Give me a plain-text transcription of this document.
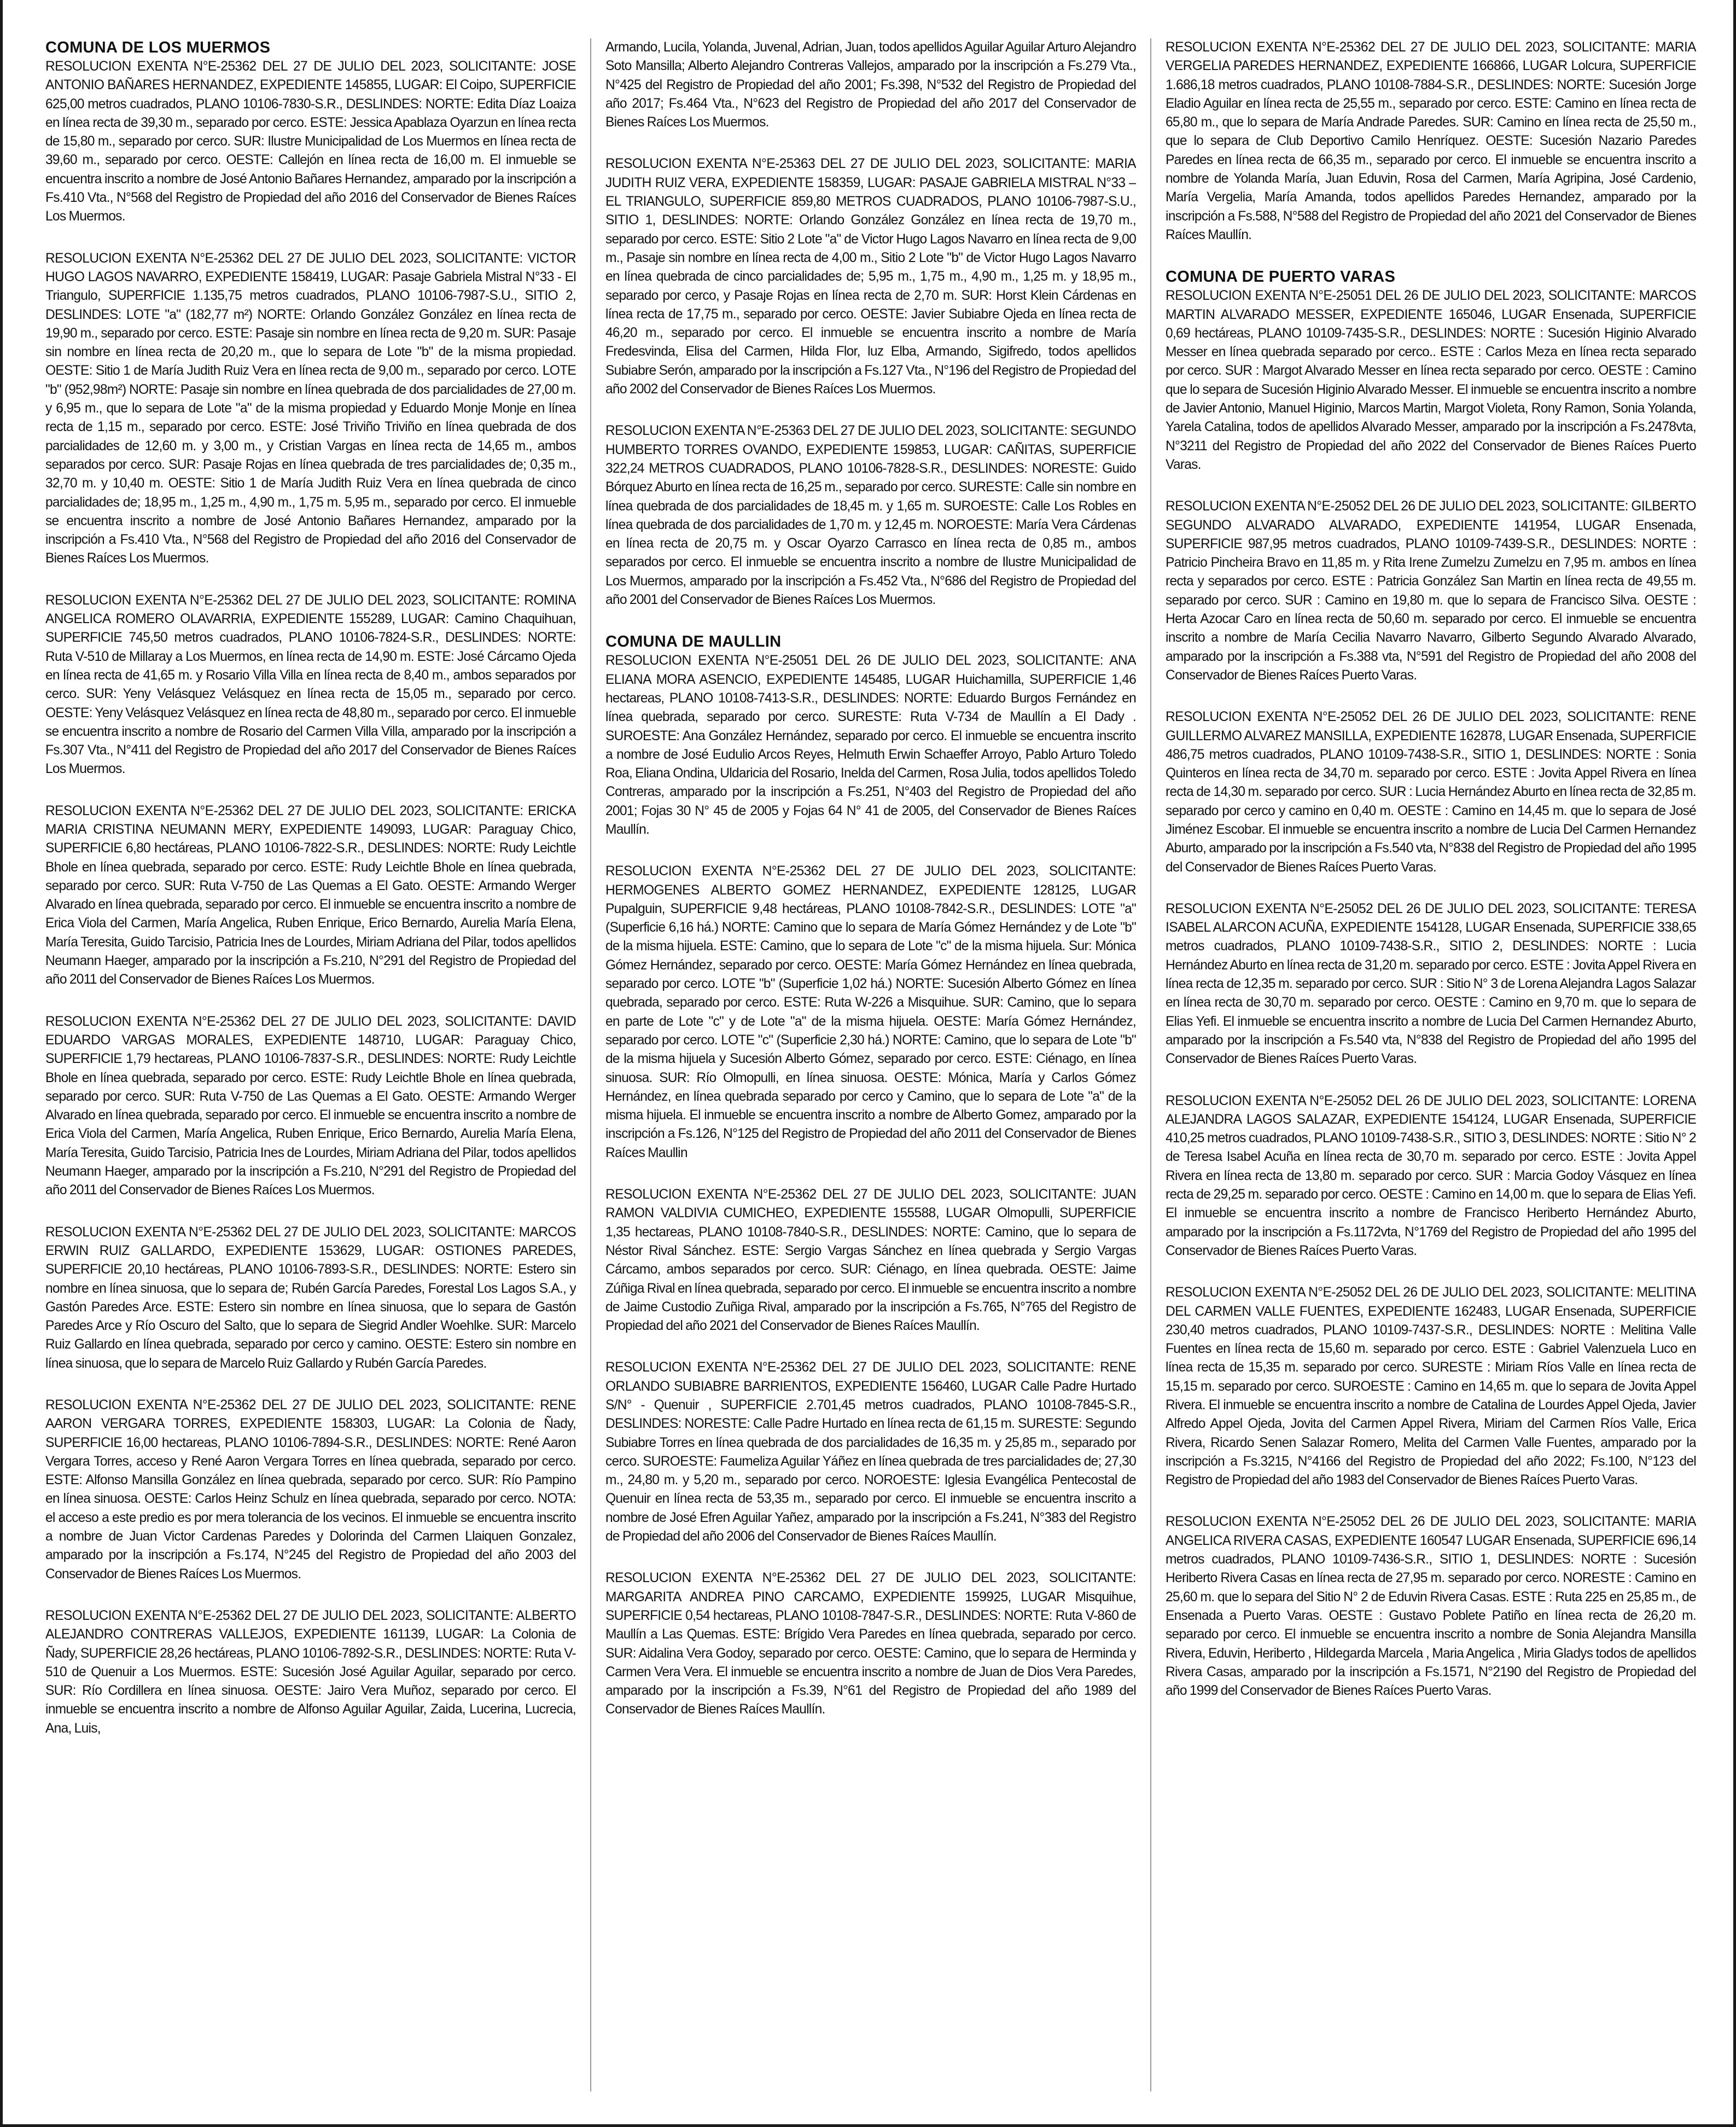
COMUNA DE LOS MUERMOS

RESOLUCION EXENTA N°E-25362 DEL 27 DE JULIO DEL 2023, SOLICITANTE: JOSE ANTONIO BAÑARES HERNANDEZ, EXPEDIENTE 145855, LUGAR: El Coipo, SUPERFICIE 625,00 metros cuadrados, PLANO 10106-7830-S.R., DESLINDES: NORTE: Edita Díaz Loaiza en línea recta de 39,30 m., separado por cerco. ESTE: Jessica Apablaza Oyarzun en línea recta de 15,80 m., separado por cerco. SUR: Ilustre Municipalidad de Los Muermos en línea recta de 39,60 m., separado por cerco. OESTE: Callejón en línea recta de 16,00 m. El inmueble se encuentra inscrito a nombre de José Antonio Bañares Hernandez, amparado por la inscripción a Fs.410 Vta., N°568 del Registro de Propiedad del año 2016 del Conservador de Bienes Raíces Los Muermos.

RESOLUCION EXENTA N°E-25362 DEL 27 DE JULIO DEL 2023, SOLICITANTE: VICTOR HUGO LAGOS NAVARRO, EXPEDIENTE 158419, LUGAR: Pasaje Gabriela Mistral N°33 - El Triangulo, SUPERFICIE 1.135,75 metros cuadrados, PLANO 10106-7987-S.U., SITIO 2, DESLINDES: LOTE "a" (182,77 m²) NORTE: Orlando González González en línea recta de 19,90 m., separado por cerco. ESTE: Pasaje sin nombre en línea recta de 9,20 m. SUR: Pasaje sin nombre en línea recta de 20,20 m., que lo separa de Lote "b" de la misma propiedad. OESTE: Sitio 1 de María Judith Ruiz Vera en línea recta de 9,00 m., separado por cerco. LOTE "b" (952,98m²) NORTE: Pasaje sin nombre en línea quebrada de dos parcialidades de 27,00 m. y 6,95 m., que lo separa de Lote "a" de la misma propiedad y Eduardo Monje Monje en línea recta de 1,15 m., separado por cerco. ESTE: José Triviño Triviño en línea quebrada de dos parcialidades de 12,60 m. y 3,00 m., y Cristian Vargas en línea recta de 14,65 m., ambos separados por cerco. SUR: Pasaje Rojas en línea quebrada de tres parcialidades de; 0,35 m., 32,70 m. y 10,40 m. OESTE: Sitio 1 de María Judith Ruiz Vera en línea quebrada de cinco parcialidades de; 18,95 m., 1,25 m., 4,90 m., 1,75 m. 5,95 m., separado por cerco. El inmueble se encuentra inscrito a nombre de José Antonio Bañares Hernandez, amparado por la inscripción a Fs.410 Vta., N°568 del Registro de Propiedad del año 2016 del Conservador de Bienes Raíces Los Muermos.

RESOLUCION EXENTA N°E-25362 DEL 27 DE JULIO DEL 2023, SOLICITANTE: ROMINA ANGELICA ROMERO OLAVARRIA, EXPEDIENTE 155289, LUGAR: Camino Chaquihuan, SUPERFICIE 745,50 metros cuadrados, PLANO 10106-7824-S.R., DESLINDES: NORTE: Ruta V-510 de Millaray a Los Muermos, en línea recta de 14,90 m. ESTE: José Cárcamo Ojeda en línea recta de 41,65 m. y Rosario Villa Villa en línea recta de 8,40 m., ambos separados por cerco. SUR: Yeny Velásquez Velásquez en línea recta de 15,05 m., separado por cerco. OESTE: Yeny Velásquez Velásquez en línea recta de 48,80 m., separado por cerco. El inmueble se encuentra inscrito a nombre de Rosario del Carmen Villa Villa, amparado por la inscripción a Fs.307 Vta., N°411 del Registro de Propiedad del año 2017 del Conservador de Bienes Raíces Los Muermos.

RESOLUCION EXENTA N°E-25362 DEL 27 DE JULIO DEL 2023, SOLICITANTE: ERICKA MARIA CRISTINA NEUMANN MERY, EXPEDIENTE 149093, LUGAR: Paraguay Chico, SUPERFICIE 6,80 hectáreas, PLANO 10106-7822-S.R., DESLINDES: NORTE: Rudy Leichtle Bhole en línea quebrada, separado por cerco. ESTE: Rudy Leichtle Bhole en línea quebrada, separado por cerco. SUR: Ruta V-750 de Las Quemas a El Gato. OESTE: Armando Werger Alvarado en línea quebrada, separado por cerco. El inmueble se encuentra inscrito a nombre de Erica Viola del Carmen, María Angelica, Ruben Enrique, Erico Bernardo, Aurelia María Elena, María Teresita, Guido Tarcisio, Patricia Ines de Lourdes, Miriam Adriana del Pilar, todos apellidos Neumann Haeger, amparado por la inscripción a Fs.210, N°291 del Registro de Propiedad del año 2011 del Conservador de Bienes Raíces Los Muermos.

RESOLUCION EXENTA N°E-25362 DEL 27 DE JULIO DEL 2023, SOLICITANTE: DAVID EDUARDO VARGAS MORALES, EXPEDIENTE 148710, LUGAR: Paraguay Chico, SUPERFICIE 1,79 hectareas, PLANO 10106-7837-S.R., DESLINDES: NORTE: Rudy Leichtle Bhole en línea quebrada, separado por cerco. ESTE: Rudy Leichtle Bhole en línea quebrada, separado por cerco. SUR: Ruta V-750 de Las Quemas a El Gato. OESTE: Armando Werger Alvarado en línea quebrada, separado por cerco. El inmueble se encuentra inscrito a nombre de Erica Viola del Carmen, María Angelica, Ruben Enrique, Erico Bernardo, Aurelia María Elena, María Teresita, Guido Tarcisio, Patricia Ines de Lourdes, Miriam Adriana del Pilar, todos apellidos Neumann Haeger, amparado por la inscripción a Fs.210, N°291 del Registro de Propiedad del año 2011 del Conservador de Bienes Raíces Los Muermos.

RESOLUCION EXENTA N°E-25362 DEL 27 DE JULIO DEL 2023, SOLICITANTE: MARCOS ERWIN RUIZ GALLARDO, EXPEDIENTE 153629, LUGAR: OSTIONES PAREDES, SUPERFICIE 20,10 hectáreas, PLANO 10106-7893-S.R., DESLINDES: NORTE: Estero sin nombre en línea sinuosa, que lo separa de; Rubén García Paredes, Forestal Los Lagos S.A., y Gastón Paredes Arce. ESTE: Estero sin nombre en línea sinuosa, que lo separa de Gastón Paredes Arce y Río Oscuro del Salto, que lo separa de Siegrid Andler Woehlke. SUR: Marcelo Ruiz Gallardo en línea quebrada, separado por cerco y camino. OESTE: Estero sin nombre en línea sinuosa, que lo separa de Marcelo Ruiz Gallardo y Rubén García Paredes.

RESOLUCION EXENTA N°E-25362 DEL 27 DE JULIO DEL 2023, SOLICITANTE: RENE AARON VERGARA TORRES, EXPEDIENTE 158303, LUGAR: La Colonia de Ñady, SUPERFICIE 16,00 hectareas, PLANO 10106-7894-S.R., DESLINDES: NORTE: René Aaron Vergara Torres, acceso y René Aaron Vergara Torres en línea quebrada, separado por cerco. ESTE: Alfonso Mansilla González en línea quebrada, separado por cerco. SUR: Río Pampino en línea sinuosa. OESTE: Carlos Heinz Schulz en línea quebrada, separado por cerco. NOTA: el acceso a este predio es por mera tolerancia de los vecinos. El inmueble se encuentra inscrito a nombre de Juan Victor Cardenas Paredes y Dolorinda del Carmen Llaiquen Gonzalez, amparado por la inscripción a Fs.174, N°245 del Registro de Propiedad del año 2003 del Conservador de Bienes Raíces Los Muermos.

RESOLUCION EXENTA N°E-25362 DEL 27 DE JULIO DEL 2023, SOLICITANTE: ALBERTO ALEJANDRO CONTRERAS VALLEJOS, EXPEDIENTE 161139, LUGAR: La Colonia de Ñady, SUPERFICIE 28,26 hectáreas, PLANO 10106-7892-S.R., DESLINDES: NORTE: Ruta V-510 de Quenuir a Los Muermos. ESTE: Sucesión José Aguilar Aguilar, separado por cerco. SUR: Río Cordillera en línea sinuosa. OESTE: Jairo Vera Muñoz, separado por cerco. El inmueble se encuentra inscrito a nombre de Alfonso Aguilar Aguilar, Zaida, Lucerina, Lucrecia, Ana, Luis,

Armando, Lucila, Yolanda, Juvenal, Adrian, Juan, todos apellidos Aguilar Aguilar Arturo Alejandro Soto Mansilla; Alberto Alejandro Contreras Vallejos, amparado por la inscripción a Fs.279 Vta., N°425 del Registro de Propiedad del año 2001; Fs.398, N°532 del Registro de Propiedad del año 2017; Fs.464 Vta., N°623 del Registro de Propiedad del año 2017 del Conservador de Bienes Raíces Los Muermos.

RESOLUCION EXENTA N°E-25363 DEL 27 DE JULIO DEL 2023, SOLICITANTE: MARIA JUDITH RUIZ VERA, EXPEDIENTE 158359, LUGAR: PASAJE GABRIELA MISTRAL N°33 – EL TRIANGULO, SUPERFICIE 859,80 METROS CUADRADOS, PLANO 10106-7987-S.U., SITIO 1, DESLINDES: NORTE: Orlando González González en línea recta de 19,70 m., separado por cerco. ESTE: Sitio 2 Lote "a" de Victor Hugo Lagos Navarro en línea recta de 9,00 m., Pasaje sin nombre en línea recta de 4,00 m., Sitio 2 Lote "b" de Victor Hugo Lagos Navarro en línea quebrada de cinco parcialidades de; 5,95 m., 1,75 m., 4,90 m., 1,25 m. y 18,95 m., separado por cerco, y Pasaje Rojas en línea recta de 2,70 m. SUR: Horst Klein Cárdenas en línea recta de 17,75 m., separado por cerco. OESTE: Javier Subiabre Ojeda en línea recta de 46,20 m., separado por cerco. El inmueble se encuentra inscrito a nombre de María Fredesvinda, Elisa del Carmen, Hilda Flor, luz Elba, Armando, Sigifredo, todos apellidos Subiabre Serón, amparado por la inscripción a Fs.127 Vta., N°196 del Registro de Propiedad del año 2002 del Conservador de Bienes Raíces Los Muermos.

RESOLUCION EXENTA N°E-25363 DEL 27 DE JULIO DEL 2023, SOLICITANTE: SEGUNDO HUMBERTO TORRES OVANDO, EXPEDIENTE 159853, LUGAR: CAÑITAS, SUPERFICIE 322,24 METROS CUADRADOS, PLANO 10106-7828-S.R., DESLINDES: NORESTE: Guido Bórquez Aburto en línea recta de 16,25 m., separado por cerco. SURESTE: Calle sin nombre en línea quebrada de dos parcialidades de 18,45 m. y 1,65 m. SUROESTE: Calle Los Robles en línea quebrada de dos parcialidades de 1,70 m. y 12,45 m. NOROESTE: María Vera Cárdenas en línea recta de 20,75 m. y Oscar Oyarzo Carrasco en línea recta de 0,85 m., ambos separados por cerco. El inmueble se encuentra inscrito a nombre de Ilustre Municipalidad de Los Muermos, amparado por la inscripción a Fs.452 Vta., N°686 del Registro de Propiedad del año 2001 del Conservador de Bienes Raíces Los Muermos.

COMUNA DE MAULLIN

RESOLUCION EXENTA N°E-25051 DEL 26 DE JULIO DEL 2023, SOLICITANTE: ANA ELIANA MORA ASENCIO, EXPEDIENTE 145485, LUGAR Huichamilla, SUPERFICIE 1,46 hectareas, PLANO 10108-7413-S.R., DESLINDES: NORTE: Eduardo Burgos Fernández en línea quebrada, separado por cerco. SURESTE: Ruta V-734 de Maullín a El Dady . SUROESTE: Ana González Hernández, separado por cerco. El inmueble se encuentra inscrito a nombre de José Eudulio Arcos Reyes, Helmuth Erwin Schaeffer Arroyo, Pablo Arturo Toledo Roa, Eliana Ondina, Uldaricia del Rosario, Inelda del Carmen, Rosa Julia, todos apellidos Toledo Contreras, amparado por la inscripción a Fs.251, N°403 del Registro de Propiedad del año 2001; Fojas 30 N° 45 de 2005 y Fojas 64 N° 41 de 2005, del Conservador de Bienes Raíces Maullín.

RESOLUCION EXENTA N°E-25362 DEL 27 DE JULIO DEL 2023, SOLICITANTE: HERMOGENES ALBERTO GOMEZ HERNANDEZ, EXPEDIENTE 128125, LUGAR Pupalguin, SUPERFICIE 9,48 hectáreas, PLANO 10108-7842-S.R., DESLINDES: LOTE "a" (Superficie 6,16 há.) NORTE: Camino que lo separa de María Gómez Hernández y de Lote "b" de la misma hijuela. ESTE: Camino, que lo separa de Lote "c" de la misma hijuela. Sur: Mónica Gómez Hernández, separado por cerco. OESTE: María Gómez Hernández en línea quebrada, separado por cerco. LOTE "b" (Superficie 1,02 há.) NORTE: Sucesión Alberto Gómez en línea quebrada, separado por cerco. ESTE: Ruta W-226 a Misquihue. SUR: Camino, que lo separa en parte de Lote "c" y de Lote "a" de la misma hijuela. OESTE: María Gómez Hernández, separado por cerco. LOTE "c" (Superficie 2,30 há.) NORTE: Camino, que lo separa de Lote "b" de la misma hijuela y Sucesión Alberto Gómez, separado por cerco. ESTE: Ciénago, en línea sinuosa. SUR: Río Olmopulli, en línea sinuosa. OESTE: Mónica, María y Carlos Gómez Hernández, en línea quebrada separado por cerco y Camino, que lo separa de Lote "a" de la misma hijuela. El inmueble se encuentra inscrito a nombre de Alberto Gomez, amparado por la inscripción a Fs.126, N°125 del Registro de Propiedad del año 2011 del Conservador de Bienes Raíces Maullin

RESOLUCION EXENTA N°E-25362 DEL 27 DE JULIO DEL 2023, SOLICITANTE: JUAN RAMON VALDIVIA CUMICHEO, EXPEDIENTE 155588, LUGAR Olmopulli, SUPERFICIE 1,35 hectareas, PLANO 10108-7840-S.R., DESLINDES: NORTE: Camino, que lo separa de Néstor Rival Sánchez. ESTE: Sergio Vargas Sánchez en línea quebrada y Sergio Vargas Cárcamo, ambos separados por cerco. SUR: Ciénago, en línea quebrada. OESTE: Jaime Zúñiga Rival en línea quebrada, separado por cerco. El inmueble se encuentra inscrito a nombre de Jaime Custodio Zuñiga Rival, amparado por la inscripción a Fs.765, N°765 del Registro de Propiedad del año 2021 del Conservador de Bienes Raíces Maullín.

RESOLUCION EXENTA N°E-25362 DEL 27 DE JULIO DEL 2023, SOLICITANTE: RENE ORLANDO SUBIABRE BARRIENTOS, EXPEDIENTE 156460, LUGAR Calle Padre Hurtado S/N° - Quenuir , SUPERFICIE 2.701,45 metros cuadrados, PLANO 10108-7845-S.R., DESLINDES: NORESTE: Calle Padre Hurtado en línea recta de 61,15 m. SURESTE: Segundo Subiabre Torres en línea quebrada de dos parcialidades de 16,35 m. y 25,85 m., separado por cerco. SUROESTE: Faumeliza Aguilar Yáñez en línea quebrada de tres parcialidades de; 27,30 m., 24,80 m. y 5,20 m., separado por cerco. NOROESTE: Iglesia Evangélica Pentecostal de Quenuir en línea recta de 53,35 m., separado por cerco. El inmueble se encuentra inscrito a nombre de José Efren Aguilar Yañez, amparado por la inscripción a Fs.241, N°383 del Registro de Propiedad del año 2006 del Conservador de Bienes Raíces Maullín.

RESOLUCION EXENTA N°E-25362 DEL 27 DE JULIO DEL 2023, SOLICITANTE: MARGARITA ANDREA PINO CARCAMO, EXPEDIENTE 159925, LUGAR Misquihue, SUPERFICIE 0,54 hectareas, PLANO 10108-7847-S.R., DESLINDES: NORTE: Ruta V-860 de Maullín a Las Quemas. ESTE: Brígido Vera Paredes en línea quebrada, separado por cerco. SUR: Aidalina Vera Godoy, separado por cerco. OESTE: Camino, que lo separa de Herminda y Carmen Vera Vera. El inmueble se encuentra inscrito a nombre de Juan de Dios Vera Paredes, amparado por la inscripción a Fs.39, N°61 del Registro de Propiedad del año 1989 del Conservador de Bienes Raíces Maullín.

RESOLUCION EXENTA N°E-25362 DEL 27 DE JULIO DEL 2023, SOLICITANTE: MARIA VERGELIA PAREDES HERNANDEZ, EXPEDIENTE 166866, LUGAR Lolcura, SUPERFICIE 1.686,18 metros cuadrados, PLANO 10108-7884-S.R., DESLINDES: NORTE: Sucesión Jorge Eladio Aguilar en línea recta de 25,55 m., separado por cerco. ESTE: Camino en línea recta de 65,80 m., que lo separa de María Andrade Paredes. SUR: Camino en línea recta de 25,50 m., que lo separa de Club Deportivo Camilo Henríquez. OESTE: Sucesión Nazario Paredes Paredes en línea recta de 66,35 m., separado por cerco. El inmueble se encuentra inscrito a nombre de Yolanda María, Juan Eduvin, Rosa del Carmen, María Agripina, José Cardenio, María Vergelia, María Amanda, todos apellidos Paredes Hernandez, amparado por la inscripción a Fs.588, N°588 del Registro de Propiedad del año 2021 del Conservador de Bienes Raíces Maullín.

COMUNA DE PUERTO VARAS

RESOLUCION EXENTA N°E-25051 DEL 26 DE JULIO DEL 2023, SOLICITANTE: MARCOS MARTIN ALVARADO MESSER, EXPEDIENTE 165046, LUGAR Ensenada, SUPERFICIE 0,69 hectáreas, PLANO 10109-7435-S.R., DESLINDES: NORTE : Sucesión Higinio Alvarado Messer en línea quebrada separado por cerco.. ESTE : Carlos Meza en línea recta separado por cerco. SUR : Margot Alvarado Messer en línea recta separado por cerco. OESTE : Camino que lo separa de Sucesión Higinio Alvarado Messer. El inmueble se encuentra inscrito a nombre de Javier Antonio, Manuel Higinio, Marcos Martin, Margot Violeta, Rony Ramon, Sonia Yolanda, Yarela Catalina, todos de apellidos Alvarado Messer, amparado por la inscripción a Fs.2478vta, N°3211 del Registro de Propiedad del año 2022 del Conservador de Bienes Raíces Puerto Varas.

RESOLUCION EXENTA N°E-25052 DEL 26 DE JULIO DEL 2023, SOLICITANTE: GILBERTO SEGUNDO ALVARADO ALVARADO, EXPEDIENTE 141954, LUGAR Ensenada, SUPERFICIE 987,95 metros cuadrados, PLANO 10109-7439-S.R., DESLINDES: NORTE : Patricio Pincheira Bravo en 11,85 m. y Rita Irene Zumelzu Zumelzu en 7,95 m. ambos en línea recta y separados por cerco. ESTE : Patricia González San Martin en línea recta de 49,55 m. separado por cerco. SUR : Camino en 19,80 m. que lo separa de Francisco Silva. OESTE : Herta Azocar Caro en línea recta de 50,60 m. separado por cerco. El inmueble se encuentra inscrito a nombre de María Cecilia Navarro Navarro, Gilberto Segundo Alvarado Alvarado, amparado por la inscripción a Fs.388 vta, N°591 del Registro de Propiedad del año 2008 del Conservador de Bienes Raíces Puerto Varas.

RESOLUCION EXENTA N°E-25052 DEL 26 DE JULIO DEL 2023, SOLICITANTE: RENE GUILLERMO ALVAREZ MANSILLA, EXPEDIENTE 162878, LUGAR Ensenada, SUPERFICIE 486,75 metros cuadrados, PLANO 10109-7438-S.R., SITIO 1, DESLINDES: NORTE : Sonia Quinteros en línea recta de 34,70 m. separado por cerco. ESTE : Jovita Appel Rivera en línea recta de 14,30 m. separado por cerco. SUR : Lucia Hernández Aburto en línea recta de 32,85 m. separado por cerco y camino en 0,40 m. OESTE : Camino en 14,45 m. que lo separa de José Jiménez Escobar. El inmueble se encuentra inscrito a nombre de Lucia Del Carmen Hernandez Aburto, amparado por la inscripción a Fs.540 vta, N°838 del Registro de Propiedad del año 1995 del Conservador de Bienes Raíces Puerto Varas.

RESOLUCION EXENTA N°E-25052 DEL 26 DE JULIO DEL 2023, SOLICITANTE: TERESA ISABEL ALARCON ACUÑA, EXPEDIENTE 154128, LUGAR Ensenada, SUPERFICIE 338,65 metros cuadrados, PLANO 10109-7438-S.R., SITIO 2, DESLINDES: NORTE : Lucia Hernández Aburto en línea recta de 31,20 m. separado por cerco. ESTE : Jovita Appel Rivera en línea recta de 12,35 m. separado por cerco. SUR : Sitio N° 3 de Lorena Alejandra Lagos Salazar en línea recta de 30,70 m. separado por cerco. OESTE : Camino en 9,70 m. que lo separa de Elias Yefi. El inmueble se encuentra inscrito a nombre de Lucia Del Carmen Hernandez Aburto, amparado por la inscripción a Fs.540 vta, N°838 del Registro de Propiedad del año 1995 del Conservador de Bienes Raíces Puerto Varas.

RESOLUCION EXENTA N°E-25052 DEL 26 DE JULIO DEL 2023, SOLICITANTE: LORENA ALEJANDRA LAGOS SALAZAR, EXPEDIENTE 154124, LUGAR Ensenada, SUPERFICIE 410,25 metros cuadrados, PLANO 10109-7438-S.R., SITIO 3, DESLINDES: NORTE : Sitio N° 2 de Teresa Isabel Acuña en línea recta de 30,70 m. separado por cerco. ESTE : Jovita Appel Rivera en línea recta de 13,80 m. separado por cerco. SUR : Marcia Godoy Vásquez en línea recta de 29,25 m. separado por cerco. OESTE : Camino en 14,00 m. que lo separa de Elias Yefi. El inmueble se encuentra inscrito a nombre de Francisco Heriberto Hernández Aburto, amparado por la inscripción a Fs.1172vta, N°1769 del Registro de Propiedad del año 1995 del Conservador de Bienes Raíces Puerto Varas.

RESOLUCION EXENTA N°E-25052 DEL 26 DE JULIO DEL 2023, SOLICITANTE: MELITINA DEL CARMEN VALLE FUENTES, EXPEDIENTE 162483, LUGAR Ensenada, SUPERFICIE 230,40 metros cuadrados, PLANO 10109-7437-S.R., DESLINDES: NORTE : Melitina Valle Fuentes en línea recta de 15,60 m. separado por cerco. ESTE : Gabriel Valenzuela Luco en línea recta de 15,35 m. separado por cerco. SURESTE : Miriam Ríos Valle en línea recta de 15,15 m. separado por cerco. SUROESTE : Camino en 14,65 m. que lo separa de Jovita Appel Rivera. El inmueble se encuentra inscrito a nombre de Catalina de Lourdes Appel Ojeda, Javier Alfredo Appel Ojeda, Jovita del Carmen Appel Rivera, Miriam del Carmen Ríos Valle, Erica Rivera, Ricardo Senen Salazar Romero, Melita del Carmen Valle Fuentes, amparado por la inscripción a Fs.3215, N°4166 del Registro de Propiedad del año 2022; Fs.100, N°123 del Registro de Propiedad del año 1983 del Conservador de Bienes Raíces Puerto Varas.

RESOLUCION EXENTA N°E-25052 DEL 26 DE JULIO DEL 2023, SOLICITANTE: MARIA ANGELICA RIVERA CASAS, EXPEDIENTE 160547 LUGAR Ensenada, SUPERFICIE 696,14 metros cuadrados, PLANO 10109-7436-S.R., SITIO 1, DESLINDES: NORTE : Sucesión Heriberto Rivera Casas en línea recta de 27,95 m. separado por cerco. NORESTE : Camino en 25,60 m. que lo separa del Sitio N° 2 de Eduvin Rivera Casas. ESTE : Ruta 225 en 25,85 m., de Ensenada a Puerto Varas. OESTE : Gustavo Poblete Patiño en línea recta de 26,20 m. separado por cerco. El inmueble se encuentra inscrito a nombre de Sonia Alejandra Mansilla Rivera, Eduvin, Heriberto , Hildegarda Marcela , Maria Angelica , Miria Gladys todos de apellidos Rivera Casas, amparado por la inscripción a Fs.1571, N°2190 del Registro de Propiedad del año 1999 del Conservador de Bienes Raíces Puerto Varas.
